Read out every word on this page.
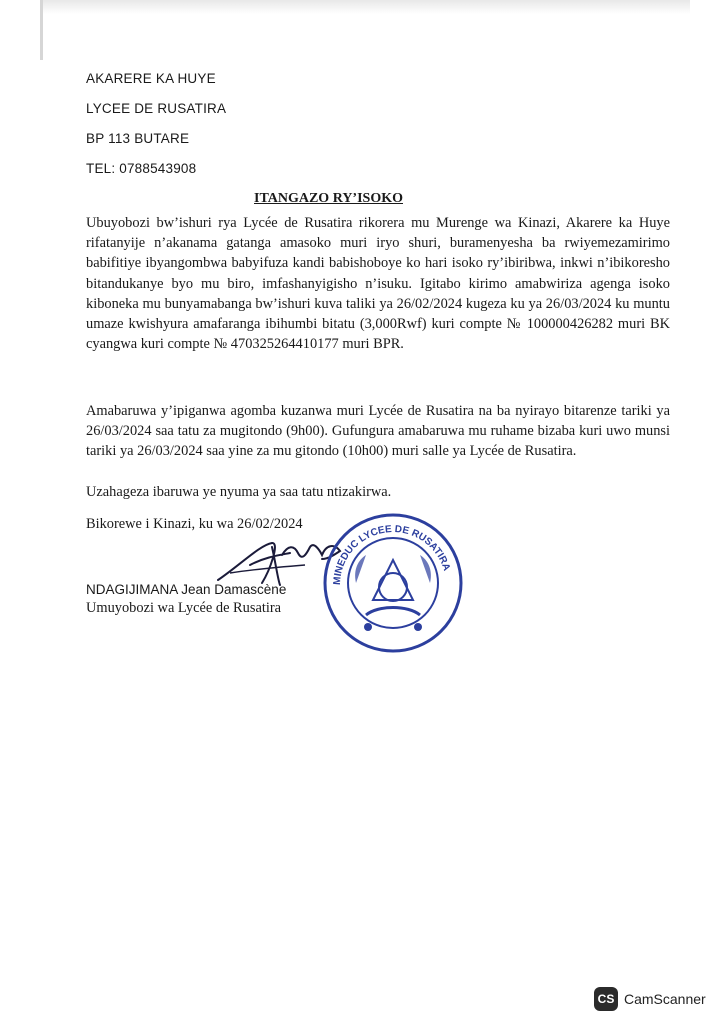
AKARERE KA HUYE
LYCEE DE RUSATIRA
BP 113 BUTARE
TEL: 0788543908
ITANGAZO RY’ISOKO

Ubuyobozi bw’ishuri rya Lycée de Rusatira rikorera mu Murenge wa Kinazi, Akarere ka Huye rifatanyije n’akanama gatanga amasoko muri iryo shuri, buramenyesha ba rwiyemezamirimo babifitiye ibyangombwa babyifuza kandi babishoboye ko hari isoko ry’ibiribwa, inkwi n’ibikoresho bitandukanye byo mu biro, imfashanyigisho n’isuku. Igitabo kirimo amabwiriza agenga isoko kiboneka mu bunyamabanga bw’ishuri kuva taliki ya 26/02/2024 kugeza ku ya 26/03/2024 ku muntu umaze kwishyura amafaranga ibihumbi bitatu (3,000Rwf) kuri compte № 100000426282 muri BK cyangwa kuri compte № 470325264410177 muri BPR.

Amabaruwa y’ipiganwa agomba kuzanwa muri Lycée de Rusatira na ba nyirayo bitarenze tariki ya 26/03/2024 saa tatu za mugitondo (9h00). Gufungura amabaruwa mu ruhame bizaba kuri uwo munsi tariki ya 26/03/2024 saa yine za mu gitondo (10h00) muri salle ya Lycée de Rusatira.

Uzahageza ibaruwa ye nyuma ya saa tatu ntizakirwa.
Bikorewe i Kinazi, ku wa 26/02/2024
NDAGIJIMANA Jean Damascène
Umuyobozi wa Lycée de Rusatira
MINEDUC LYCEE DE RUSATIRA
CS CamScanner
